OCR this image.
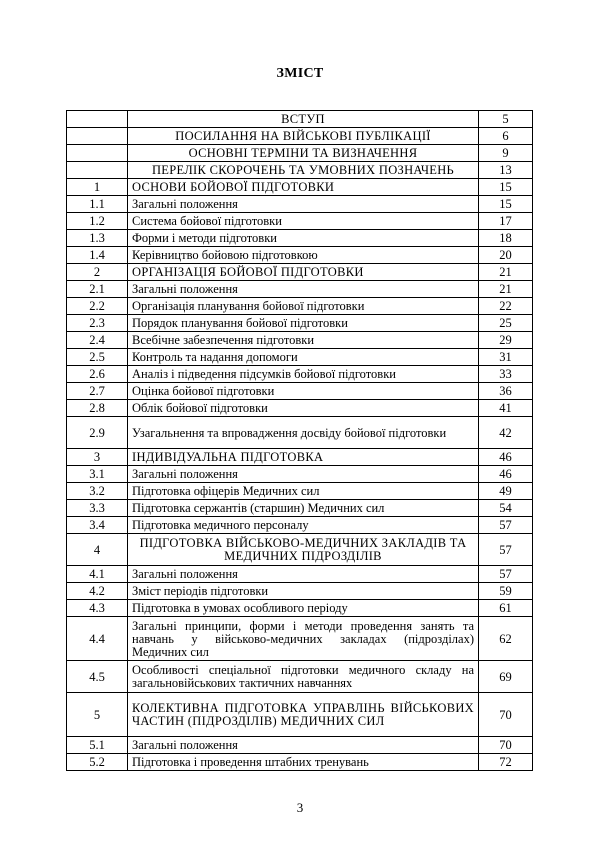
ЗМІСТ
	ВСТУП	5
	ПОСИЛАННЯ НА ВІЙСЬКОВІ ПУБЛІКАЦІЇ	6
	ОСНОВНІ ТЕРМІНИ ТА ВИЗНАЧЕННЯ	9
	ПЕРЕЛІК СКОРОЧЕНЬ ТА УМОВНИХ ПОЗНАЧЕНЬ	13
1	ОСНОВИ БОЙОВОЇ ПІДГОТОВКИ	15
1.1	Загальні положення	15
1.2	Система бойової підготовки	17
1.3	Форми і методи підготовки	18
1.4	Керівництво бойовою підготовкою	20
2	ОРГАНІЗАЦІЯ БОЙОВОЇ ПІДГОТОВКИ	21
2.1	Загальні положення	21
2.2	Організація планування бойової підготовки	22
2.3	Порядок планування бойової підготовки	25
2.4	Всебічне забезпечення підготовки	29
2.5	Контроль та надання допомоги	31
2.6	Аналіз і підведення підсумків бойової підготовки	33
2.7	Оцінка бойової підготовки	36
2.8	Облік бойової підготовки	41
2.9	Узагальнення та впровадження досвіду бойової підготовки	42
3	ІНДИВІДУАЛЬНА ПІДГОТОВКА	46
3.1	Загальні положення	46
3.2	Підготовка офіцерів Медичних сил	49
3.3	Підготовка сержантів (старшин) Медичних сил	54
3.4	Підготовка медичного персоналу	57
4	ПІДГОТОВКА ВІЙСЬКОВО-МЕДИЧНИХ ЗАКЛАДІВ ТА МЕДИЧНИХ ПІДРОЗДІЛІВ	57
4.1	Загальні положення	57
4.2	Зміст періодів підготовки	59
4.3	Підготовка в умовах особливого періоду	61
4.4	Загальні принципи, форми і методи проведення занять та навчань у військово-медичних закладах (підрозділах) Медичних сил	62
4.5	Особливості спеціальної підготовки медичного складу на загальновійськових тактичних навчаннях	69
5	КОЛЕКТИВНА ПІДГОТОВКА УПРАВЛІНЬ ВІЙСЬКОВИХ ЧАСТИН (ПІДРОЗДІЛІВ) МЕДИЧНИХ СИЛ	70
5.1	Загальні положення	70
5.2	Підготовка і проведення штабних тренувань	72
3
